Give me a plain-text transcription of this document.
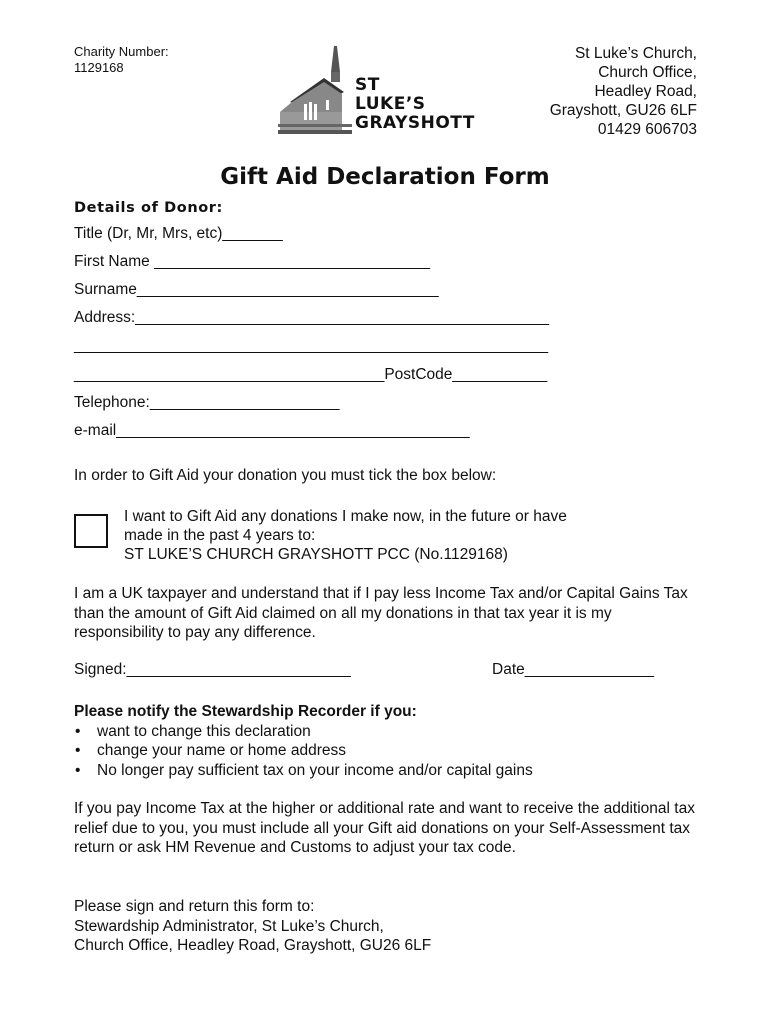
Charity Number:
1129168
ST
LUKE’S
GRAYSHOTT
St Luke’s Church,
Church Office,
Headley Road,
Grayshott, GU26 6LF
01429 606703
Gift Aid Declaration Form
Details of Donor:
Title (Dr, Mr, Mrs, etc)_______
First Name ________________________________
Surname___________________________________
Address:________________________________________________
_______________________________________________________
____________________________________PostCode___________
Telephone:______________________
e-mail_________________________________________
In order to Gift Aid your donation you must tick the box below:
I want to Gift Aid any donations I make now, in the future or have
made in the past 4 years to:
ST LUKE’S CHURCH GRAYSHOTT PCC (No.1129168)
I am a UK taxpayer and understand that if I pay less Income Tax and/or Capital Gains Tax than the amount of Gift Aid claimed on all my donations in that tax year it is my responsibility to pay any difference.
Signed:__________________________	Date_______________
Please notify the Stewardship Recorder if you:
• want to change this declaration
• change your name or home address
• No longer pay sufficient tax on your income and/or capital gains
If you pay Income Tax at the higher or additional rate and want to receive the additional tax relief due to you, you must include all your Gift aid donations on your Self-Assessment tax return or ask HM Revenue and Customs to adjust your tax code.
Please sign and return this form to:
Stewardship Administrator, St Luke’s Church,
Church Office, Headley Road, Grayshott, GU26 6LF
